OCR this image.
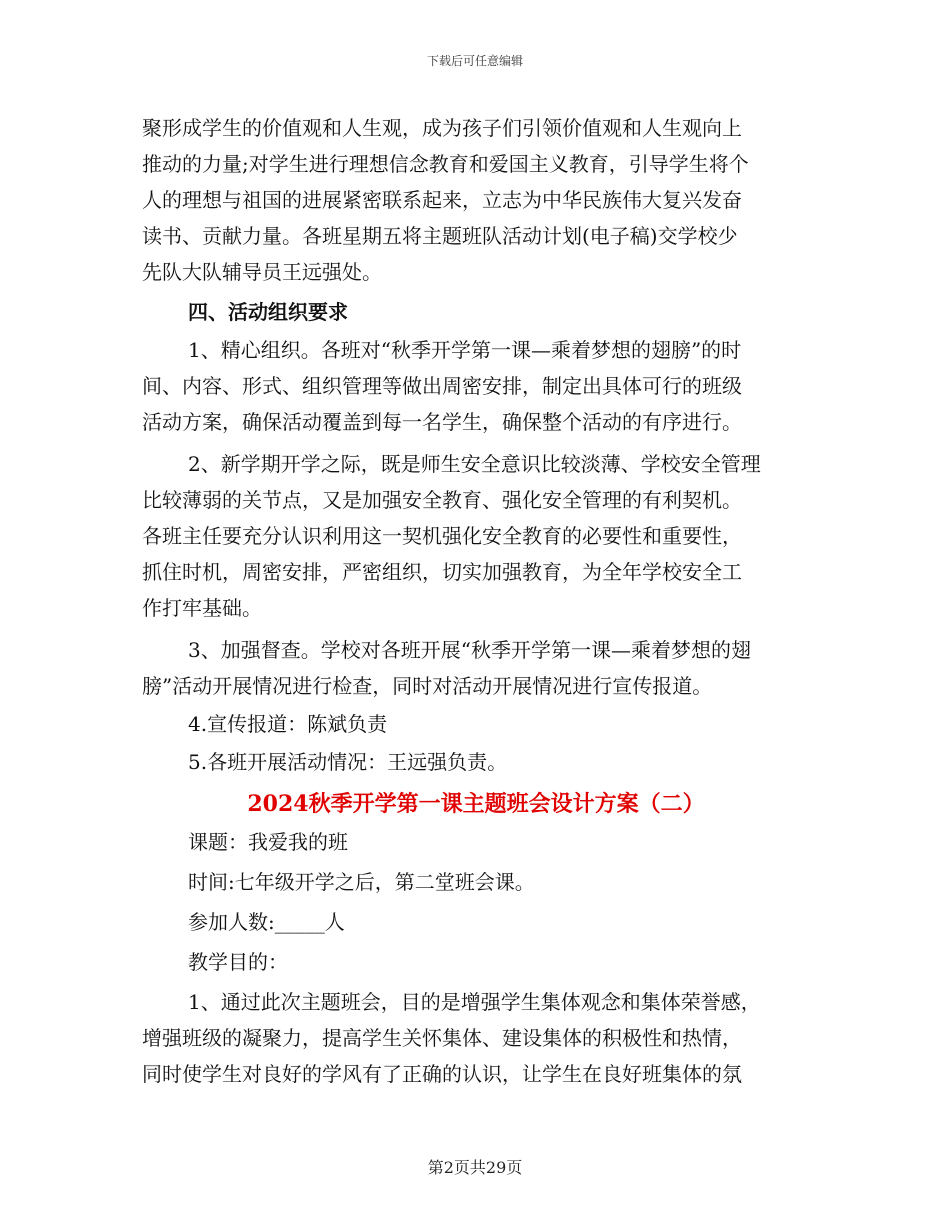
下载后可任意编辑

聚形成学生的价值观和人生观，成为孩子们引领价值观和人生观向上
推动的力量;对学生进行理想信念教育和爱国主义教育，引导学生将个
人的理想与祖国的进展紧密联系起来，立志为中华民族伟大复兴发奋
读书、贡献力量。各班星期五将主题班队活动计划(电子稿)交学校少
先队大队辅导员王远强处。

四、活动组织要求

1、精心组织。各班对“秋季开学第一课—乘着梦想的翅膀”的时
间、内容、形式、组织管理等做出周密安排，制定出具体可行的班级
活动方案，确保活动覆盖到每一名学生，确保整个活动的有序进行。

2、新学期开学之际，既是师生安全意识比较淡薄、学校安全管理
比较薄弱的关节点，又是加强安全教育、强化安全管理的有利契机。
各班主任要充分认识利用这一契机强化安全教育的必要性和重要性，
抓住时机，周密安排，严密组织，切实加强教育，为全年学校安全工
作打牢基础。

3、加强督查。学校对各班开展“秋季开学第一课—乘着梦想的翅
膀”活动开展情况进行检查，同时对活动开展情况进行宣传报道。

4.宣传报道：陈斌负责

5.各班开展活动情况：王远强负责。

2024秋季开学第一课主题班会设计方案（二）

课题：我爱我的班

时间:七年级开学之后，第二堂班会课。

参加人数:_____人

教学目的：

1、通过此次主题班会，目的是增强学生集体观念和集体荣誉感，
增强班级的凝聚力，提高学生关怀集体、建设集体的积极性和热情，
同时使学生对良好的学风有了正确的认识，让学生在良好班集体的氛

第2页共29页
